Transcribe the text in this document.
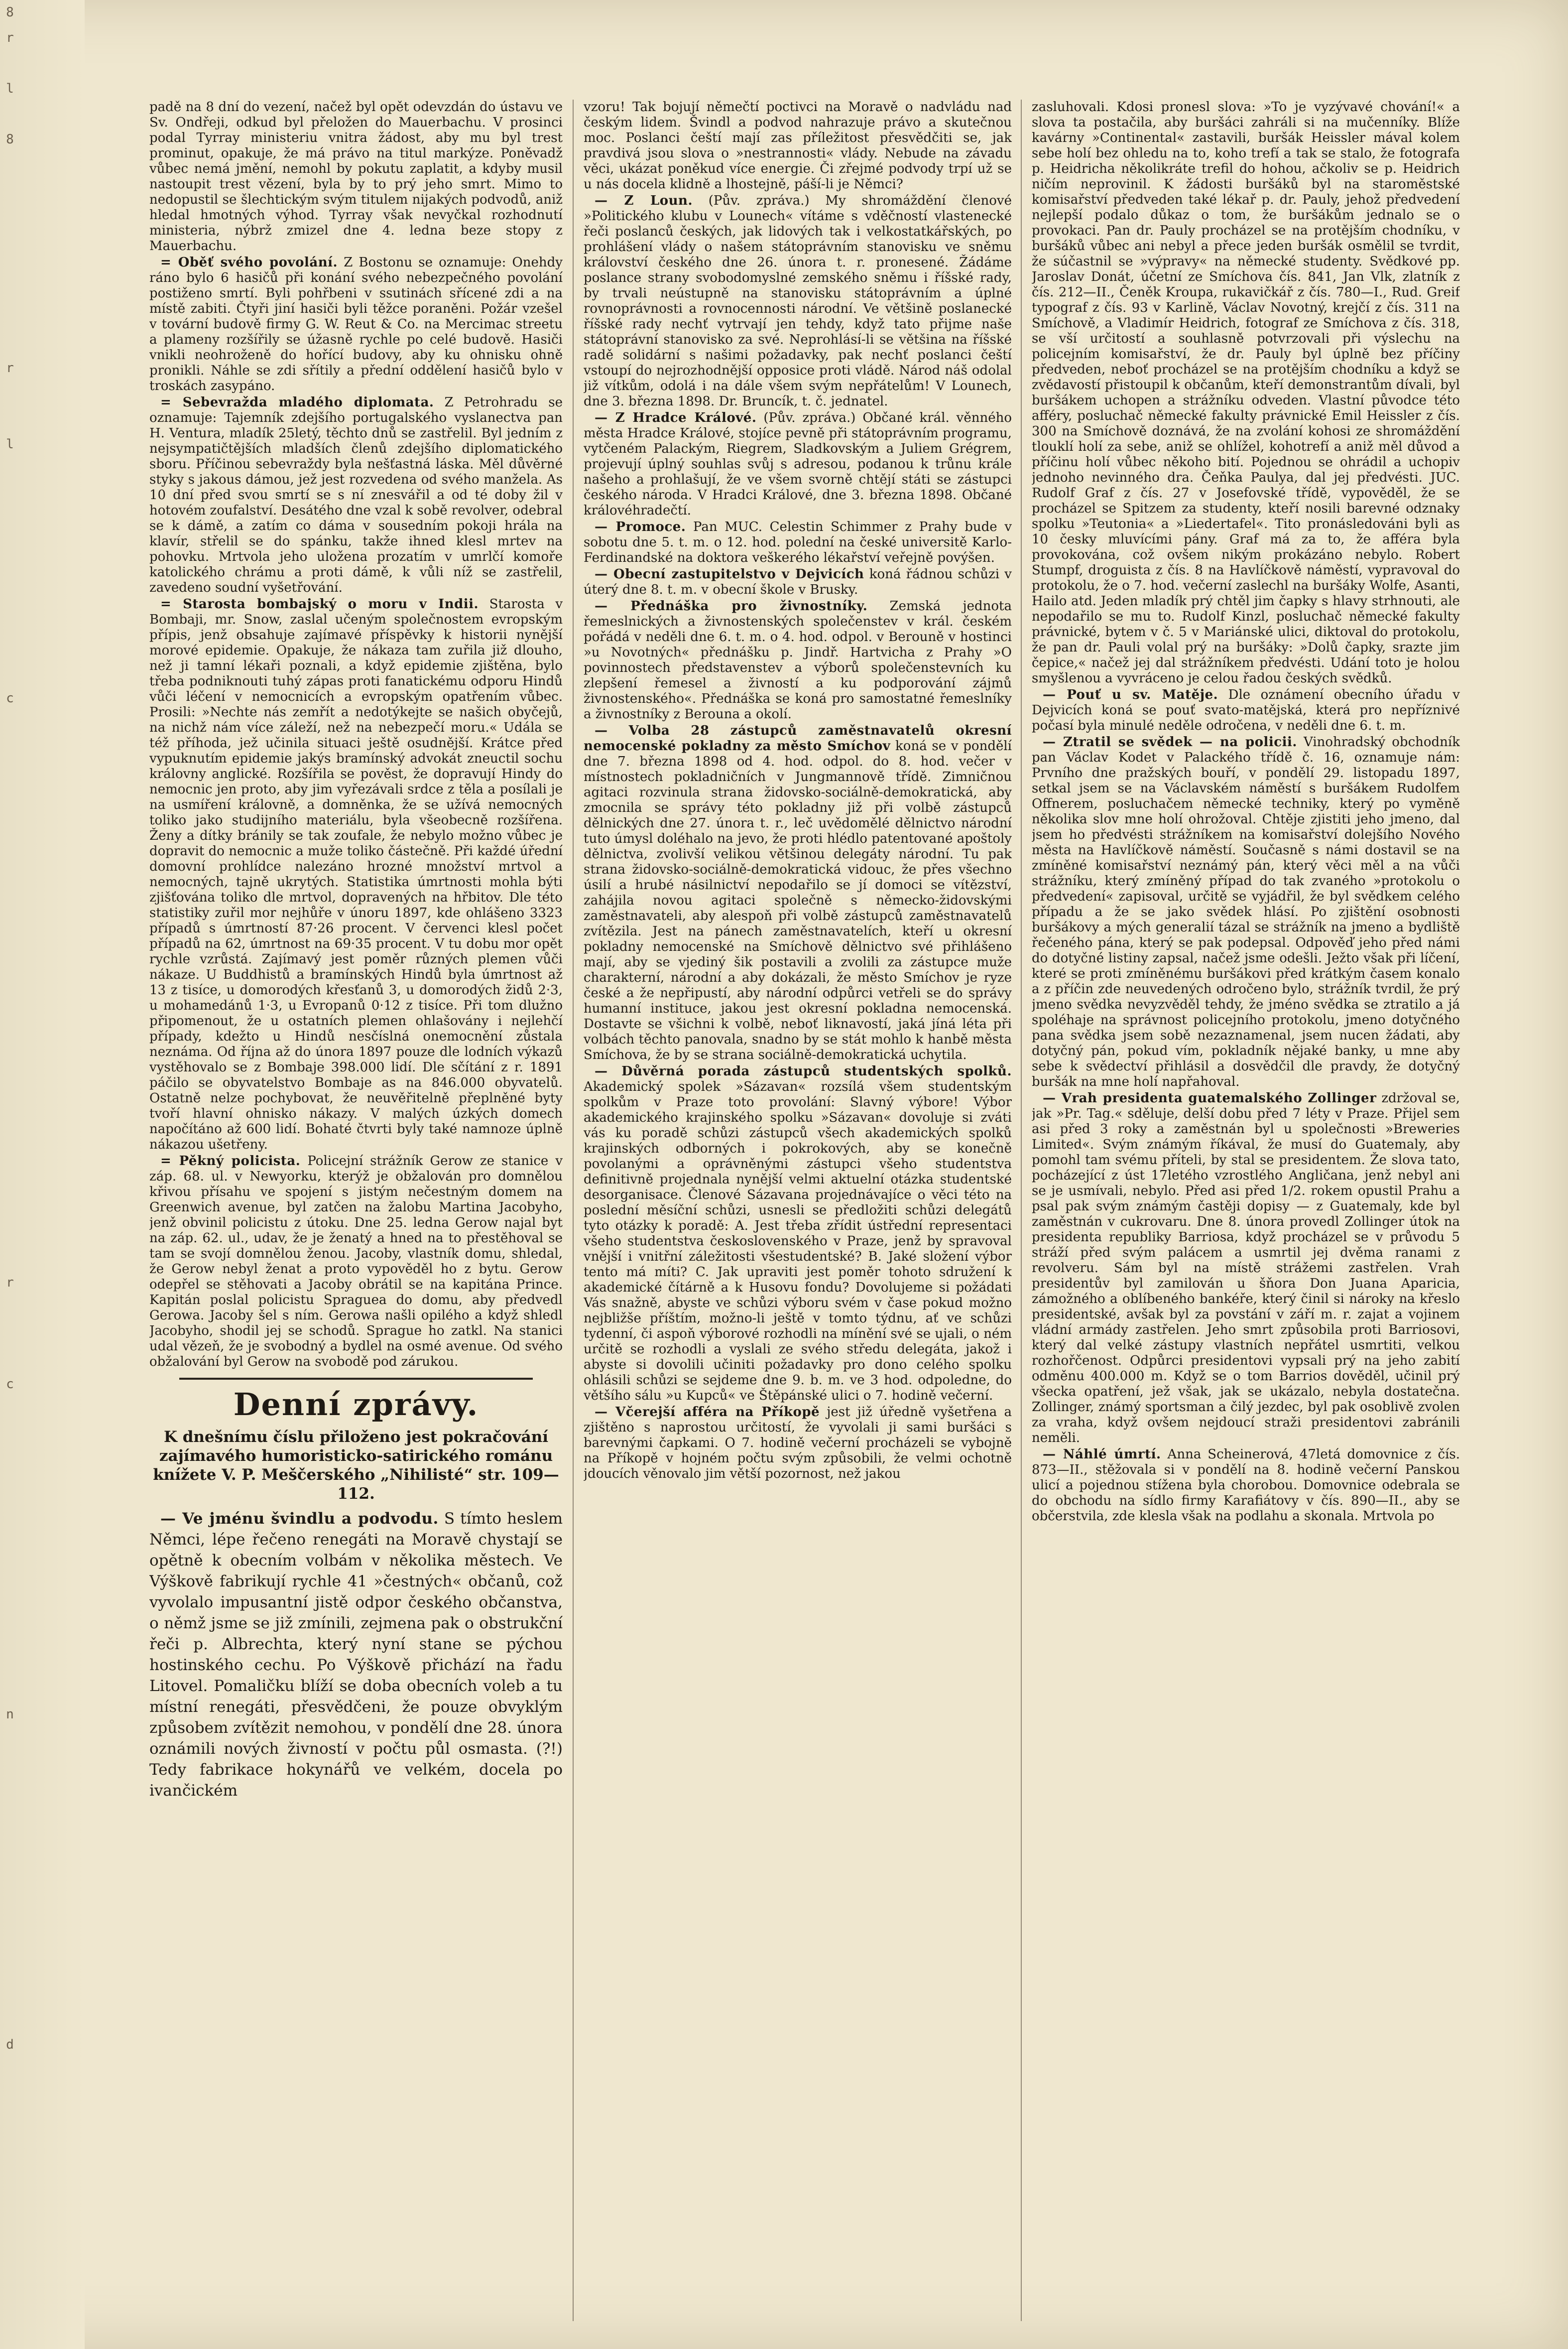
8
r

l

8

r

l

c

r

c

n

d

padě na 8 dní do vezení, načež byl opět odevzdán do ústavu ve Sv. Ondřeji, odkud byl přeložen do Mauerbachu. V prosinci podal Tyrray ministeriu vnitra žádost, aby mu byl trest prominut, opakuje, že má právo na titul markýze. Poněvadž vůbec nemá jmění, nemohl by pokutu zaplatit, a kdyby musil nastoupit trest vězení, byla by to prý jeho smrt. Mimo to nedopustil se šlechtickým svým titulem nijakých podvodů, aniž hledal hmotných výhod. Tyrray však nevyčkal rozhodnutí ministeria, nýbrž zmizel dne 4. ledna beze stopy z Mauerbachu.

= Oběť svého povolání. Z Bostonu se oznamuje: Onehdy ráno bylo 6 hasičů při konání svého nebezpečného povolání postiženo smrtí. Byli pohřbeni v ssutinách sřícené zdi a na místě zabiti. Čtyři jiní hasiči byli těžce poraněni. Požár vzešel v tovární budově firmy G. W. Reut & Co. na Mercimac streetu a plameny rozšířily se úžasně rychle po celé budově. Hasiči vnikli neohroženě do hořící budovy, aby ku ohnisku ohně pronikli. Náhle se zdi sřítily a přední oddělení hasičů bylo v troskách zasypáno.

= Sebevražda mladého diplomata. Z Petrohradu se oznamuje: Tajemník zdejšího portugalského vyslanectva pan H. Ventura, mladík 25letý, těchto dnů se zastřelil. Byl jedním z nejsympatičtějších mladších členů zdejšího diplomatického sboru. Příčinou sebevraždy byla nešťastná láska. Měl důvěrné styky s jakous dámou, jež jest rozvedena od svého manžela. As 10 dní před svou smrtí se s ní znesvářil a od té doby žil v hotovém zoufalství. Desátého dne vzal k sobě revolver, odebral se k dámě, a zatím co dáma v sousedním pokoji hrála na klavír, střelil se do spánku, takže ihned klesl mrtev na pohovku. Mrtvola jeho uložena prozatím v umrlčí komoře katolického chrámu a proti dámě, k vůli níž se zastřelil, zavedeno soudní vyšetřování.

= Starosta bombajský o moru v Indii. Starosta v Bombaji, mr. Snow, zaslal učeným společnostem evropským přípis, jenž obsahuje zajímavé příspěvky k historii nynější morové epidemie. Opakuje, že nákaza tam zuřila již dlouho, než ji tamní lékaři poznali, a když epidemie zjištěna, bylo třeba podniknouti tuhý zápas proti fanatickému odporu Hindů vůči léčení v nemocnicích a evropským opatřením vůbec. Prosili: »Nechte nás zemřít a nedotýkejte se našich obyčejů, na nichž nám více záleží, než na nebezpečí moru.« Udála se též příhoda, jež učinila situaci ještě osudnější. Krátce před vypuknutím epidemie jakýs bramínský advokát zneuctil sochu královny anglické. Rozšířila se pověst, že dopravují Hindy do nemocnic jen proto, aby jim vyřezávali srdce z těla a posílali je na usmíření královně, a domněnka, že se užívá nemocných toliko jako studijního materiálu, byla všeobecně rozšířena. Ženy a dítky bránily se tak zoufale, že nebylo možno vůbec je dopravit do nemocnic a muže toliko částečně. Při každé úřední domovní prohlídce nalezáno hrozné množství mrtvol a nemocných, tajně ukrytých. Statistika úmrtnosti mohla býti zjišťována toliko dle mrtvol, dopravených na hřbitov. Dle této statistiky zuřil mor nejhůře v únoru 1897, kde ohlášeno 3323 případů s úmrtností 87·26 procent. V červenci klesl počet případů na 62, úmrtnost na 69·35 procent. V tu dobu mor opět rychle vzrůstá. Zajímavý jest poměr různých plemen vůči nákaze. U Buddhistů a bramínských Hindů byla úmrtnost až 13 z tisíce, u domorodých křesťanů 3, u domorodých židů 2·3, u mohamedánů 1·3, u Evropanů 0·12 z tisíce. Při tom dlužno připomenout, že u ostatních plemen ohlašovány i nejlehčí případy, kdežto u Hindů nesčíslná onemocnění zůstala neznáma. Od října až do února 1897 pouze dle lodních výkazů vystěhovalo se z Bombaje 398.000 lidí. Dle sčítání z r. 1891 páčilo se obyvatelstvo Bombaje as na 846.000 obyvatelů. Ostatně nelze pochybovat, že neuvěřitelně přeplněné byty tvoří hlavní ohnisko nákazy. V malých úzkých domech napočítáno až 600 lidí. Bohaté čtvrti byly také namnoze úplně nákazou ušetřeny.

= Pěkný policista. Policejní strážník Gerow ze stanice v záp. 68. ul. v Newyorku, kterýž je obžalován pro domnělou křivou přísahu ve spojení s jistým nečestným domem na Greenwich avenue, byl zatčen na žalobu Martina Jacobyho, jenž obvinil policistu z útoku. Dne 25. ledna Gerow najal byt na záp. 62. ul., udav, že je ženatý a hned na to přestěhoval se tam se svojí domnělou ženou. Jacoby, vlastník domu, shledal, že Gerow nebyl ženat a proto vypověděl ho z bytu. Gerow odepřel se stěhovati a Jacoby obrátil se na kapitána Prince. Kapitán poslal policistu Spraguea do domu, aby předvedl Gerowa. Jacoby šel s ním. Gerowa našli opilého a když shledl Jacobyho, shodil jej se schodů. Sprague ho zatkl. Na stanici udal vězeň, že je svobodný a bydlel na osmé avenue. Od svého obžalování byl Gerow na svobodě pod zárukou.

Denní zprávy.
K dnešnímu číslu přiloženo jest pokračování zajímavého humoristicko-satirického románu knížete V. P. Meščerského „Nihilisté“ str. 109—112.

— Ve jménu švindlu a podvodu. S tímto heslem Němci, lépe řečeno renegáti na Moravě chystají se opětně k obecním volbám v několika městech. Ve Výškově fabrikují rychle 41 »čestných« občanů, což vyvolalo impusantní jistě odpor českého občanstva, o němž jsme se již zmínili, zejmena pak o obstrukční řeči p. Albrechta, který nyní stane se pýchou hostinského cechu. Po Výškově přichází na řadu Litovel. Pomaličku blíží se doba obecních voleb a tu místní renegáti, přesvědčeni, že pouze obvyklým způsobem zvítězit nemohou, v pondělí dne 28. února oznámili nových živností v počtu půl osmasta. (?!) Tedy fabrikace hokynářů ve velkém, docela po ivančickém

vzoru! Tak bojují němečtí poctivci na Moravě o nadvládu nad českým lidem. Švindl a podvod nahrazuje právo a skutečnou moc. Poslanci čeští mají zas příležitost přesvědčiti se, jak pravdivá jsou slova o »nestrannosti« vlády. Nebude na závadu věci, ukázat poněkud více energie. Či zřejmé podvody trpí už se u nás docela klidně a lhostejně, páší-li je Němci?

— Z Loun. (Pův. zpráva.) My shromáždění členové »Politického klubu v Lounech« vítáme s vděčností vlastenecké řeči poslanců českých, jak lidových tak i velkostatkářských, po prohlášení vlády o našem státoprávním stanovisku ve sněmu království českého dne 26. února t. r. pronesené. Žádáme poslance strany svobodomyslné zemského sněmu i říšské rady, by trvali neústupně na stanovisku státoprávním a úplné rovnoprávnosti a rovnocennosti národní. Ve většině poslanecké říšské rady nechť vytrvají jen tehdy, když tato přijme naše státoprávní stanovisko za své. Neprohlásí-li se většina na říšské radě solidární s našimi požadavky, pak nechť poslanci čeští vstoupí do nejrozhodnější opposice proti vládě. Národ náš odolal již vítkům, odolá i na dále všem svým nepřátelům! V Lounech, dne 3. března 1898. Dr. Bruncík, t. č. jednatel.

— Z Hradce Králové. (Pův. zpráva.) Občané král. věnného města Hradce Králové, stojíce pevně při státoprávním programu, vytčeném Palackým, Riegrem, Sladkovským a Juliem Grégrem, projevují úplný souhlas svůj s adresou, podanou k trůnu krále našeho a prohlašují, že ve všem svorně chtějí státi se zástupci českého národa. V Hradci Králové, dne 3. března 1898. Občané královéhradečtí.

— Promoce. Pan MUC. Celestin Schimmer z Prahy bude v sobotu dne 5. t. m. o 12. hod. polední na české universitě Karlo-Ferdinandské na doktora veškerého lékařství veřejně povýšen.

— Obecní zastupitelstvo v Dejvicích koná řádnou schůzi v úterý dne 8. t. m. v obecní škole v Brusky.

— Přednáška pro živnostníky. Zemská jednota řemeslnických a živnostenských společenstev v král. českém pořádá v neděli dne 6. t. m. o 4. hod. odpol. v Berouně v hostinci »u Novotných« přednášku p. Jindř. Hartvicha z Prahy »O povinnostech představenstev a výborů společenstevních ku zlepšení řemesel a živností a ku podporování zájmů živnostenského«. Přednáška se koná pro samostatné řemeslníky a živnostníky z Berouna a okolí.

— Volba 28 zástupců zaměstnavatelů okresní nemocenské pokladny za město Smíchov koná se v pondělí dne 7. března 1898 od 4. hod. odpol. do 8. hod. večer v místnostech pokladničních v Jungmannově třídě. Zimničnou agitaci rozvinula strana židovsko-sociálně-demokratická, aby zmocnila se správy této pokladny již při volbě zástupců dělnických dne 27. února t. r., leč uvědomělé dělnictvo národní tuto úmysl doléhalo na jevo, že proti hlédlo patentované apoštoly dělnictva, zvolivší velikou většinou delegáty národní. Tu pak strana židovsko-sociálně-demokratická vidouc, že přes všechno úsilí a hrubé násilnictví nepodařilo se jí domoci se vítězství, zahájila novou agitaci společně s německo-židovskými zaměstnavateli, aby alespoň při volbě zástupců zaměstnavatelů zvítězila. Jest na pánech zaměstnavatelích, kteří u okresní pokladny nemocenské na Smíchově dělnictvo své přihlášeno mají, aby se vjediný šik postavili a zvolili za zástupce muže charakterní, národní a aby dokázali, že město Smíchov je ryze české a že nepřipustí, aby národní odpůrci vetřeli se do správy humanní instituce, jakou jest okresní pokladna nemocenská. Dostavte se všichni k volbě, neboť liknavostí, jaká jíná léta při volbách těchto panovala, snadno by se stát mohlo k hanbě města Smíchova, že by se strana sociálně-demokratická uchytila.

— Důvěrná porada zástupců studentských spolků. Akademický spolek »Sázavan« rozsílá všem studentským spolkům v Praze toto provolání: Slavný výbore! Výbor akademického krajinského spolku »Sázavan« dovoluje si zváti vás ku poradě schůzi zástupců všech akademických spolků krajinských odborných i pokrokových, aby se konečně povolanými a oprávněnými zástupci všeho studentstva definitivně projednala nynější velmi aktuelní otázka studentské desorganisace. Členové Sázavana projednávajíce o věci této na poslední měsíční schůzi, usnesli se předložiti schůzi delegátů tyto otázky k poradě: A. Jest třeba zřídit ústřední representaci všeho studentstva československého v Praze, jenž by spravoval vnější i vnitřní záležitosti všestudentské? B. Jaké složení výbor tento má míti? C. Jak upraviti jest poměr tohoto sdružení k akademické čítárně a k Husovu fondu? Dovolujeme si požádati Vás snažně, abyste ve schůzi výboru svém v čase pokud možno nejbližše příštím, možno-li ještě v tomto týdnu, ať ve schůzi tydenní, či aspoň výborové rozhodli na mínění své se ujali, o ném určitě se rozhodli a vyslali ze svého středu delegáta, jakož i abyste si dovolili učiniti požadavky pro dono celého spolku ohlásili schůzi se sejdeme dne 9. b. m. ve 3 hod. odpoledne, do většího sálu »u Kupců« ve Štěpánské ulici o 7. hodině večerní.

— Včerejší afféra na Příkopě jest již úředně vyšetřena a zjištěno s naprostou určitostí, že vyvolali ji sami buršáci s barevnými čapkami. O 7. hodině večerní procházeli se vybojně na Příkopě v hojném počtu svým způsobili, že velmi ochotně jdoucích věnovalo jim větší pozornost, než jakou

zasluhovali. Kdosi pronesl slova: »To je vyzývavé chování!« a slova ta postačila, aby buršáci zahráli si na mučenníky. Blíže kavárny »Continental« zastavili, buršák Heissler mával kolem sebe holí bez ohledu na to, koho trefí a tak se stalo, že fotografa p. Heidricha několikráte trefil do hohou, ačkoliv se p. Heidrich ničím neprovinil. K žádosti buršáků byl na staroměstské komisařství předveden také lékař p. dr. Pauly, jehož předvedení nejlepší podalo důkaz o tom, že buršákům jednalo se o provokaci. Pan dr. Pauly procházel se na protějším chodníku, v buršáků vůbec ani nebyl a přece jeden buršák osmělil se tvrdit, že súčastnil se »výpravy« na německé studenty. Svědkové pp. Jaroslav Donát, účetní ze Smíchova čís. 841, Jan Vlk, zlatník z čís. 212—II., Čeněk Kroupa, rukavičkář z čís. 780—I., Rud. Greif typograf z čís. 93 v Karlině, Václav Novotný, krejčí z čís. 311 na Smíchově, a Vladimír Heidrich, fotograf ze Smíchova z čís. 318, se vší určitostí a souhlasně potvrzovali při výslechu na policejním komisařství, že dr. Pauly byl úplně bez příčiny předveden, neboť procházel se na protějším chodníku a když se zvědavostí přistoupil k občanům, kteří demonstrantům dívali, byl buršákem uchopen a strážníku odveden. Vlastní původce této afféry, posluchač německé fakulty právnické Emil Heissler z čís. 300 na Smíchově doznává, že na zvolání kohosi ze shromáždění tlouklí holí za sebe, aniž se ohlížel, kohotrefí a aniž měl důvod a příčinu holí vůbec někoho bití. Pojednou se ohrádil a uchopiv jednoho nevinného dra. Čeňka Paulya, dal jej předvésti. JUC. Rudolf Graf z čís. 27 v Josefovské třídě, vypověděl, že se procházel se Spitzem za studenty, kteří nosili barevné odznaky spolku »Teutonia« a »Liedertafel«. Tito pronásledováni byli as 10 česky mluvícími pány. Graf má za to, že afféra byla provokována, což ovšem nikým prokázáno nebylo. Robert Stumpf, droguista z čís. 8 na Havlíčkově náměstí, vypravoval do protokolu, že o 7. hod. večerní zaslechl na buršáky Wolfe, Asanti, Hailo atd. Jeden mladík prý chtěl jim čapky s hlavy strhnouti, ale nepodařilo se mu to. Rudolf Kinzl, posluchač německé fakulty právnické, bytem v č. 5 v Mariánské ulici, diktoval do protokolu, že pan dr. Pauli volal prý na buršáky: »Dolů čapky, srazte jim čepice,« načež jej dal strážníkem předvésti. Udání toto je holou smyšlenou a vyvráceno je celou řadou českých svědků.

— Pouť u sv. Matěje. Dle oznámení obecního úřadu v Dejvicích koná se pouť svato-matějská, která pro nepříznivé počasí byla minulé neděle odročena, v neděli dne 6. t. m.

— Ztratil se svědek — na policii. Vinohradský obchodník pan Václav Kodet v Palackého třídě č. 16, oznamuje nám: Prvního dne pražských bouří, v pondělí 29. listopadu 1897, setkal jsem se na Václavském náměstí s buršákem Rudolfem Offnerem, posluchačem německé techniky, který po vyměně několika slov mne holí ohrožoval. Chtěje zjistiti jeho jmeno, dal jsem ho předvésti strážníkem na komisařství dolejšího Nového města na Havlíčkově náměstí. Současně s námi dostavil se na zmíněné komisařství neznámý pán, který věci měl a na vůči strážníku, který zmíněný případ do tak zvaného »protokolu o předvedení« zapisoval, určitě se vyjádřil, že byl svědkem celého případu a že se jako svědek hlásí. Po zjištění osobnosti buršákovy a mých generalií tázal se strážník na jmeno a bydliště řečeného pána, který se pak podepsal. Odpověď jeho před námi do dotyčné listiny zapsal, načež jsme odešli. Ježto však při líčení, které se proti zmíněnému buršákovi před krátkým časem konalo a z příčin zde neuvedených odročeno bylo, strážník tvrdil, že prý jmeno svědka nevyzvěděl tehdy, že jméno svědka se ztratilo a já spoléhaje na správnost policejního protokolu, jmeno dotyčného pana svědka jsem sobě nezaznamenal, jsem nucen žádati, aby dotyčný pán, pokud vím, pokladník nějaké banky, u mne aby sebe k svědectví přihlásil a dosvědčil dle pravdy, že dotyčný buršák na mne holí napřahoval.

— Vrah presidenta guatemalského Zollinger zdržoval se, jak »Pr. Tag.« sděluje, delší dobu před 7 léty v Praze. Přijel sem asi před 3 roky a zaměstnán byl u společnosti »Breweries Limited«. Svým známým říkával, že musí do Guatemaly, aby pomohl tam svému příteli, by stal se presidentem. Že slova tato, pocházející z úst 17letého vzrostlého Angličana, jenž nebyl ani se je usmívali, nebylo. Před asi před 1/2. rokem opustil Prahu a psal pak svým známým častěji dopisy — z Guatemaly, kde byl zaměstnán v cukrovaru. Dne 8. února provedl Zollinger útok na presidenta republiky Barriosa, když procházel se v průvodu 5 stráží před svým palácem a usmrtil jej dvěma ranami z revolveru. Sám byl na místě strážemi zastřelen. Vrah presidentův byl zamilován u šňora Don Juana Aparicia, zámožného a oblíbeného bankéře, který činil si nároky na křeslo presidentské, avšak byl za povstání v září m. r. zajat a vojinem vládní armády zastřelen. Jeho smrt způsobila proti Barriosovi, který dal velké zástupy vlastních nepřátel usmrtiti, velkou rozhořčenost. Odpůrci presidentovi vypsali prý na jeho zabití odměnu 400.000 m. Když se o tom Barrios dověděl, učinil prý všecka opatření, jež však, jak se ukázalo, nebyla dostatečna. Zollinger, známý sportsman a čilý jezdec, byl pak osoblivě zvolen za vraha, když ovšem nejdoucí straži presidentovi zabránili neměli.

— Náhlé úmrtí. Anna Scheinerová, 47letá domovnice z čís. 873—II., stěžovala si v pondělí na 8. hodině večerní Panskou ulicí a pojednou stížena byla chorobou. Domovnice odebrala se do obchodu na sídlo firmy Karafiátovy v čís. 890—II., aby se občerstvila, zde klesla však na podlahu a skonala. Mrtvola po
